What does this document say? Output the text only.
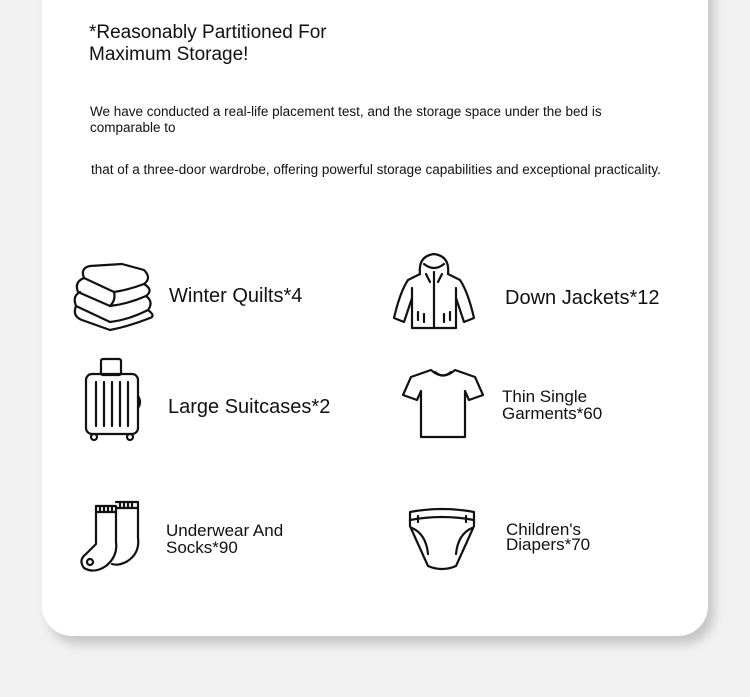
*Reasonably Partitioned For Maximum Storage!

We have conducted a real-life placement test, and the storage space under the bed is comparable to

that of a three-door wardrobe, offering powerful storage capabilities and exceptional practicality.

Winter Quilts*4	Down Jackets*12
Large Suitcases*2	Thin Single Garments*60
Underwear And Socks*90
Children's Diapers*70
